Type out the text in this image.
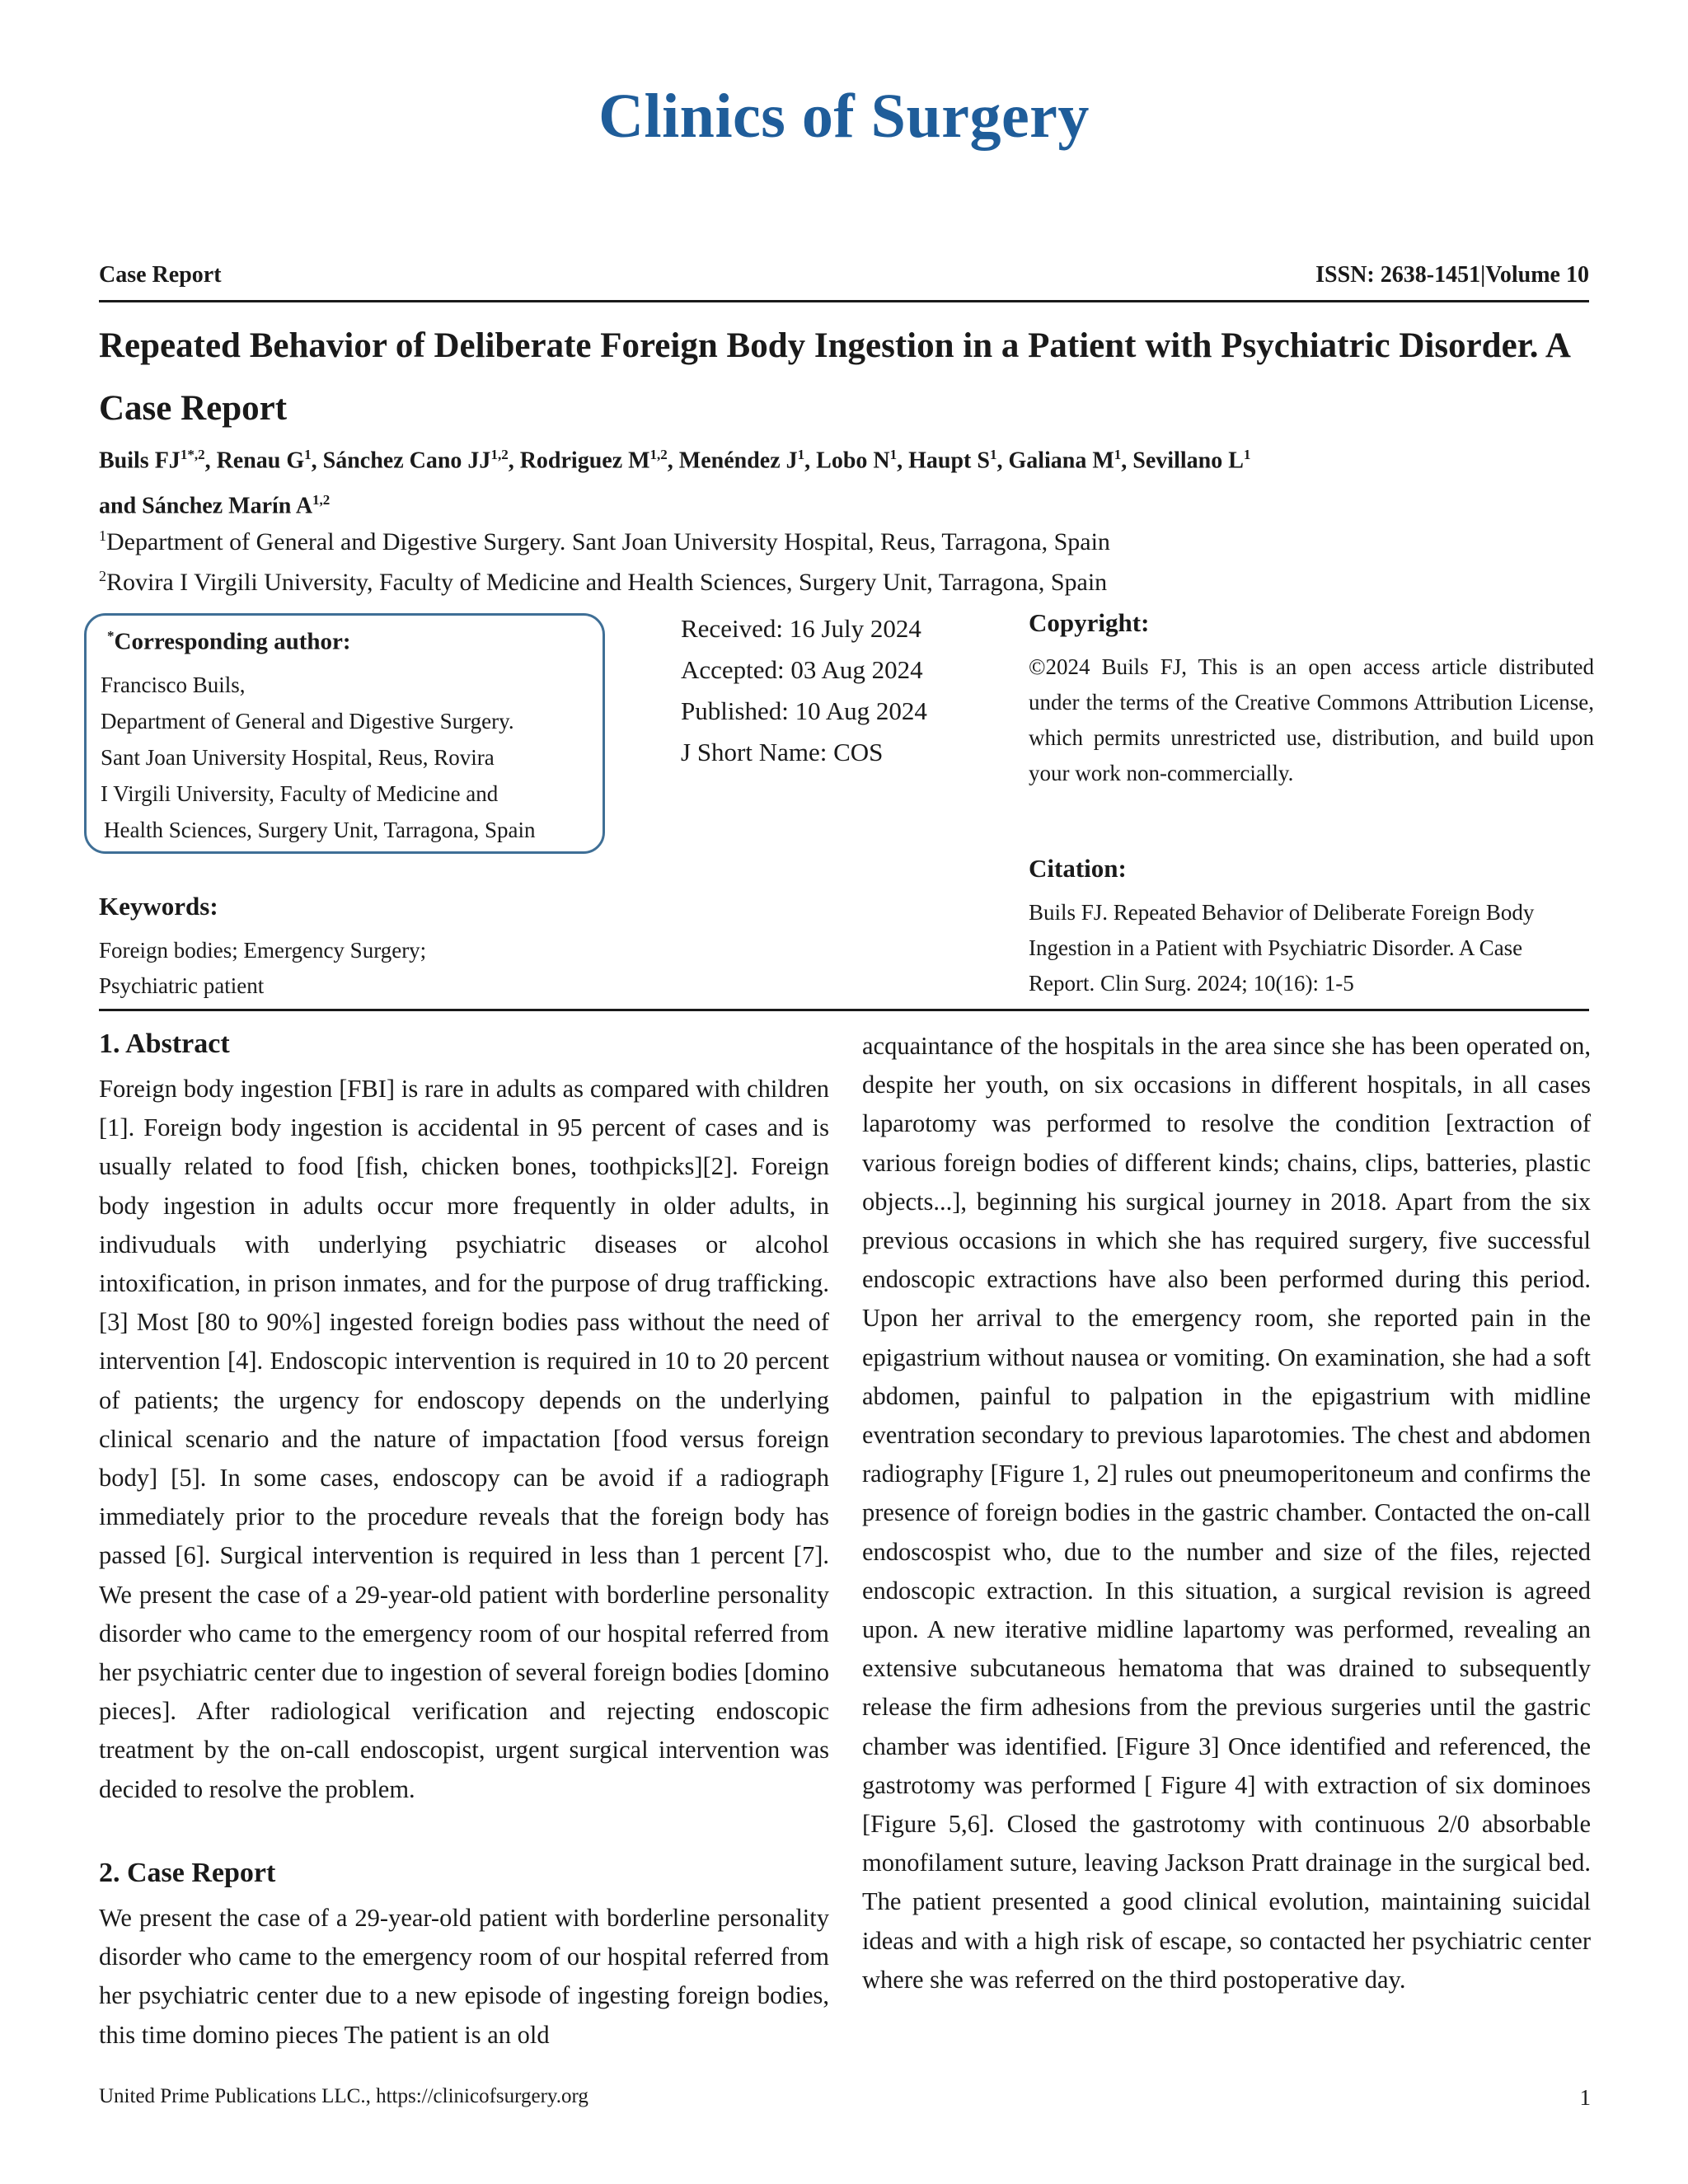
Clinics of Surgery
Case Report	ISSN: 2638-1451|Volume 10
Repeated Behavior of Deliberate Foreign Body Ingestion in a Patient with Psychiatric Disorder. A Case Report
Buils $FJ^{1*,2}$, Renau $G^1$, Sánchez Cano JJ$^{1,2}$, Rodriguez M$^{1,2}$, Menéndez $J^1$, Lobo $N^1$, Haupt $S^1$, Galiana $M^1$, Sevillano $L^1$
and Sánchez Marín A$^{1,2}$
$^1$Department of General and Digestive Surgery. Sant Joan University Hospital, Reus, Tarragona, Spain
$^2$Rovira I Virgili University, Faculty of Medicine and Health Sciences, Surgery Unit, Tarragona, Spain
*Corresponding author:
Francisco Buils,
Department of General and Digestive Surgery.
Sant Joan University Hospital, Reus, Rovira
I Virgili University, Faculty of Medicine and
Health Sciences, Surgery Unit, Tarragona, Spain
Received: 16 July 2024
Accepted: 03 Aug 2024
Published: 10 Aug 2024
J Short Name: COS
Copyright:
©2024 Buils FJ, This is an open access article distributed under the terms of the Creative Commons Attribution License, which permits unrestricted use, distribution, and build upon your work non-commercially.
Citation:
Buils FJ. Repeated Behavior of Deliberate Foreign Body Ingestion in a Patient with Psychiatric Disorder. A Case Report. Clin Surg. 2024; 10(16): 1-5
Keywords:
Foreign bodies; Emergency Surgery;
Psychiatric patient
1. Abstract
Foreign body ingestion [FBI] is rare in adults as compared with children [1]. Foreign body ingestion is accidental in 95 percent of cases and is usually related to food [fish, chicken bones, toothpicks][2]. Foreign body ingestion in adults occur more frequently in older adults, in indivuduals with underlying psychiatric diseases or alcohol intoxification, in prison inmates, and for the purpose of drug trafficking.[3] Most [80 to 90%] ingested foreign bodies pass without the need of intervention [4]. Endoscopic intervention is required in 10 to 20 percent of patients; the urgency for endoscopy depends on the underlying clinical scenario and the nature of impactation [food versus foreign body] [5]. In some cases, endoscopy can be avoid if a radiograph immediately prior to the procedure reveals that the foreign body has passed [6]. Surgical intervention is required in less than 1 percent [7]. We present the case of a 29-year-old patient with borderline personality disorder who came to the emergency room of our hospital referred from her psychiatric center due to ingestion of several foreign bodies [domino pieces]. After radiological verification and rejecting endoscopic treatment by the on-call endoscopist, urgent surgical intervention was decided to resolve the problem.
2. Case Report
We present the case of a 29-year-old patient with borderline personality disorder who came to the emergency room of our hospital referred from her psychiatric center due to a new episode of ingesting foreign bodies, this time domino pieces The patient is an old
acquaintance of the hospitals in the area since she has been operated on, despite her youth, on six occasions in different hospitals, in all cases laparotomy was performed to resolve the condition [extraction of various foreign bodies of different kinds; chains, clips, batteries, plastic objects...], beginning his surgical journey in 2018. Apart from the six previous occasions in which she has required surgery, five successful endoscopic extractions have also been performed during this period. Upon her arrival to the emergency room, she reported pain in the epigastrium without nausea or vomiting. On examination, she had a soft abdomen, painful to palpation in the epigastrium with midline eventration secondary to previous laparotomies. The chest and abdomen radiography [Figure 1, 2] rules out pneumoperitoneum and confirms the presence of foreign bodies in the gastric chamber. Contacted the on-call endoscospist who, due to the number and size of the files, rejected endoscopic extraction. In this situation, a surgical revision is agreed upon. A new iterative midline lapartomy was performed, revealing an extensive subcutaneous hematoma that was drained to subsequently release the firm adhesions from the previous surgeries until the gastric chamber was identified. [Figure 3] Once identified and referenced, the gastrotomy was performed [ Figure 4] with extraction of six dominoes [Figure 5,6]. Closed the gastrotomy with continuous 2/0 absorbable monofilament suture, leaving Jackson Pratt drainage in the surgical bed. The patient presented a good clinical evolution, maintaining suicidal ideas and with a high risk of escape, so contacted her psychiatric center where she was referred on the third postoperative day.
United Prime Publications LLC., https://clinicofsurgery.org	1
